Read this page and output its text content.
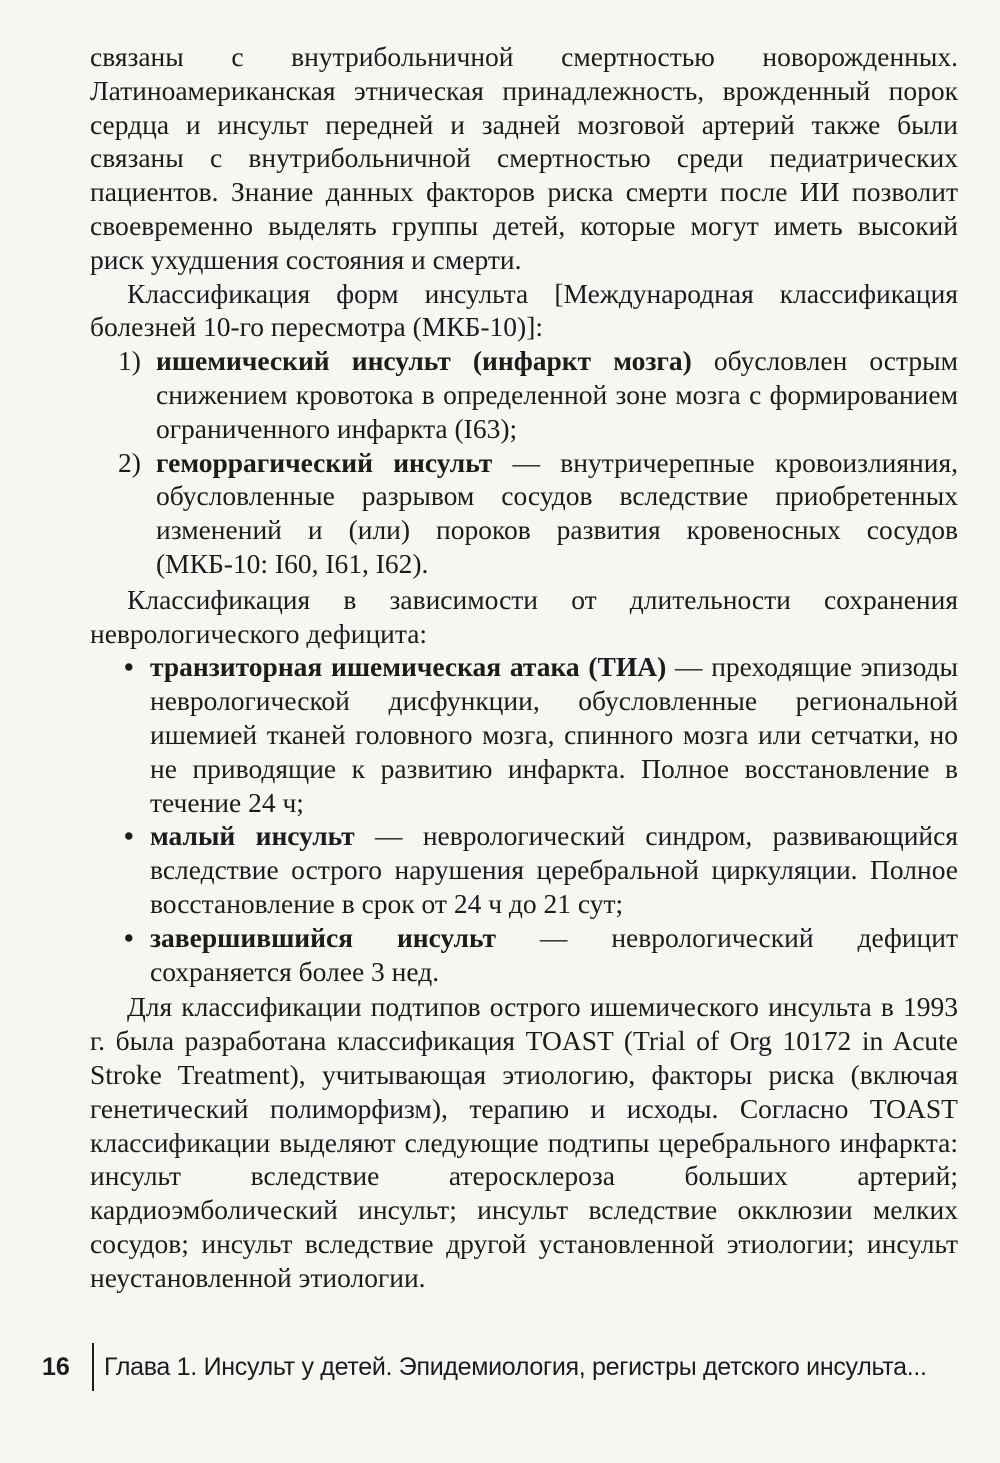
связаны с внутрибольничной смертностью новорожденных. Латиноамериканская этническая принадлежность, врожденный порок сердца и инсульт передней и задней мозговой артерий также были связаны с внутрибольничной смертностью среди педиатрических пациентов. Знание данных факторов риска смерти после ИИ позволит своевременно выделять группы детей, которые могут иметь высокий риск ухудшения состояния и смерти.

Классификация форм инсульта [Международная классификация болезней 10-го пересмотра (МКБ-10)]:

1) ишемический инсульт (инфаркт мозга) обусловлен острым снижением кровотока в определенной зоне мозга с формированием ограниченного инфаркта (I63);
2) геморрагический инсульт — внутричерепные кровоизлияния, обусловленные разрывом сосудов вследствие приобретенных изменений и (или) пороков развития кровеносных сосудов (МКБ-10: I60, I61, I62).

Классификация в зависимости от длительности сохранения неврологического дефицита:

• транзиторная ишемическая атака (ТИА) — преходящие эпизоды неврологической дисфункции, обусловленные региональной ишемией тканей головного мозга, спинного мозга или сетчатки, но не приводящие к развитию инфаркта. Полное восстановление в течение 24 ч;
• малый инсульт — неврологический синдром, развивающийся вследствие острого нарушения церебральной циркуляции. Полное восстановление в срок от 24 ч до 21 сут;
• завершившийся инсульт — неврологический дефицит сохраняется более 3 нед.

Для классификации подтипов острого ишемического инсульта в 1993 г. была разработана классификация TOAST (Trial of Org 10172 in Acute Stroke Treatment), учитывающая этиологию, факторы риска (включая генетический полиморфизм), терапию и исходы. Согласно TOAST классификации выделяют следующие подтипы церебрального инфаркта: инсульт вследствие атеросклероза больших артерий; кардиоэмболический инсульт; инсульт вследствие окклюзии мелких сосудов; инсульт вследствие другой установленной этиологии; инсульт неустановленной этиологии.

16	Глава 1. Инсульт у детей. Эпидемиология, регистры детского инсульта...
